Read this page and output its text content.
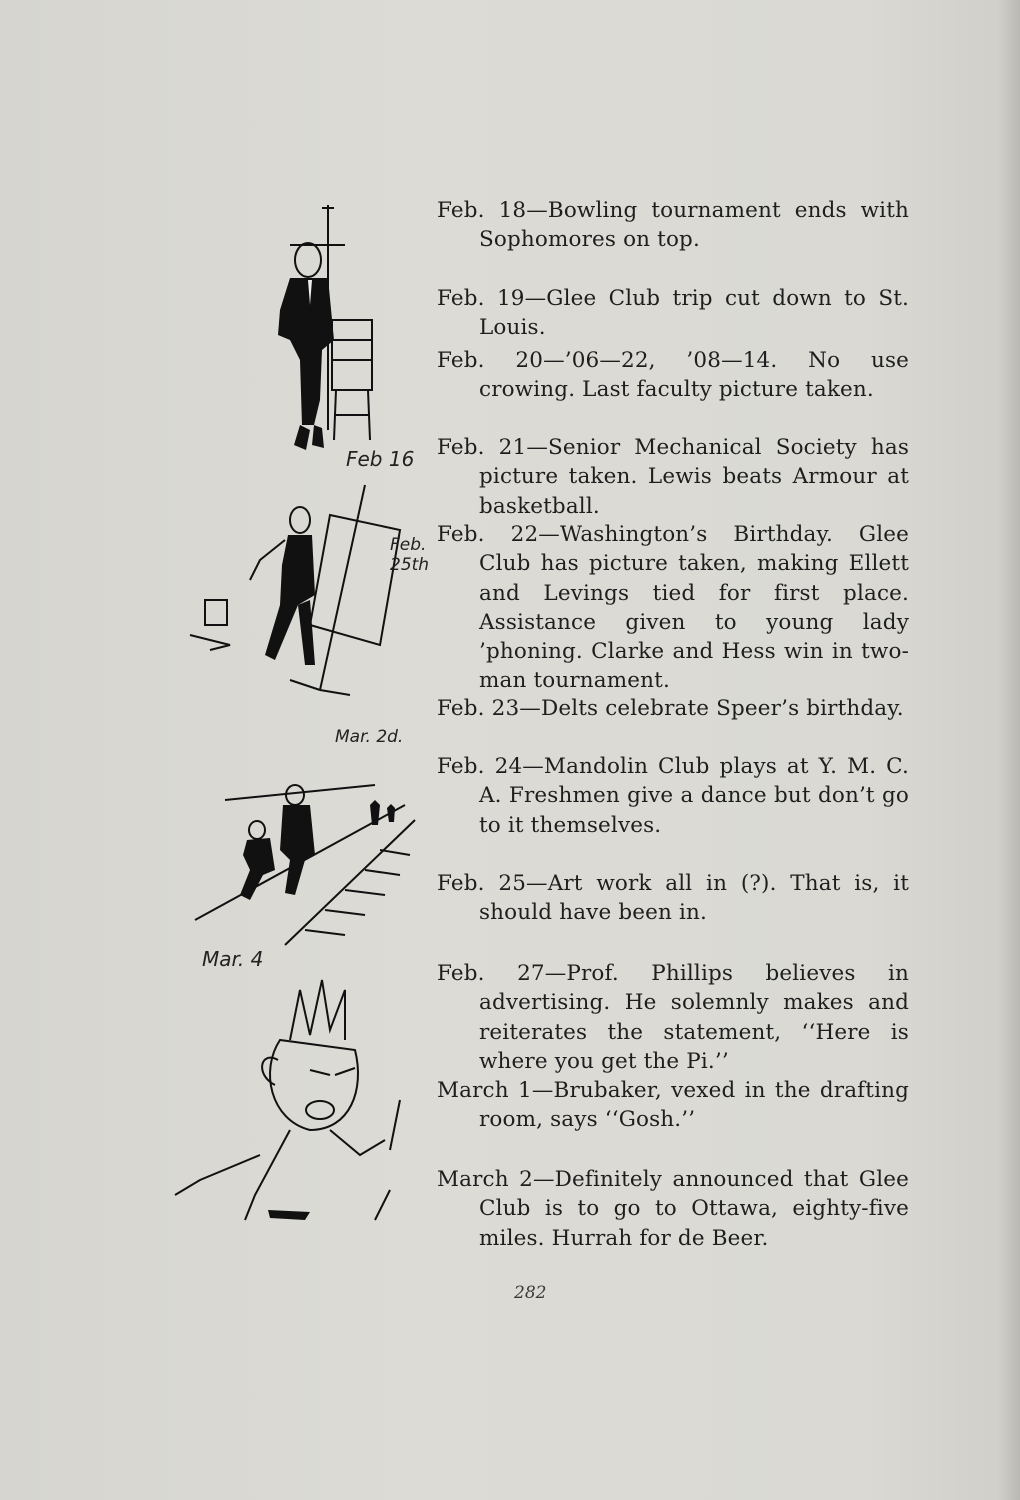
Feb 16
Feb. 25th
Mar. 2d.
Mar. 4
Feb. 18—Bowling tournament ends with Sophomores on top.
Feb. 19—Glee Club trip cut down to St. Louis.
Feb. 20—’06—22, ’08—14. No use crowing. Last faculty picture taken.
Feb. 21—Senior Mechanical Society has picture taken. Lewis beats Armour at basketball.
Feb. 22—Washington’s Birthday. Glee Club has picture taken, making Ellett and Levings tied for first place. Assistance given to young lady ’phoning. Clarke and Hess win in two-man tournament.
Feb. 23—Delts celebrate Speer’s birthday.
Feb. 24—Mandolin Club plays at Y. M. C. A. Freshmen give a dance but don’t go to it themselves.
Feb. 25—Art work all in (?). That is, it should have been in.
Feb. 27—Prof. Phillips believes in advertising. He solemnly makes and reiterates the statement, ‘‘Here is where you get the Pi.’’
March 1—Brubaker, vexed in the drafting room, says ‘‘Gosh.’’
March 2—Definitely announced that Glee Club is to go to Ottawa, eighty-five miles. Hurrah for de Beer.
282
